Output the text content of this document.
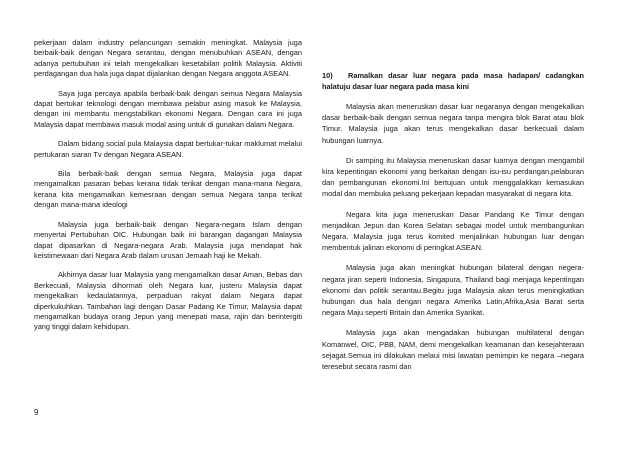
pekerjaan dalam industry pelancungan semakin meningkat. Malaysia juga berbaik-baik dengan Negara serantau, dengan menubuhkan ASEAN, dengan adanya pertubuhan ini telah mengekalkan kesetabilan politik Malaysia. Aktiviti perdagangan dua hala juga dapat dijalankan dengan Negara anggota ASEAN.

Saya juga percaya apabila berbaik-baik dengan semua Negara Malaysia dapat bertukar teknologi dengan membawa pelabur asing masuk ke Malaysia, dengan ini membantu mengstabilkan ekonomi Negara. Dengan cara ini juga Malaysia dapat membawa masuk modal asing untuk di gunakan dalam Negara.

Dalam bidang social pula Malaysia dapat bertukar-tukar maklumat melalui pertukaran siaran Tv dengan Negara ASEAN.

Bila berbaik-baik dengan semua Negara, Malaysia juga dapat mengamalkan pasaran bebas kerana tidak terikat dengan mana-mana Negara, kerana kita mengamalkan kemesraan dengan semua Negara tanpa terikat dengan mana-mana ideologi

Malaysia juga berbaik-baik dengan Negara-negara Islam dengan menyertai Pertubuhan OIC. Hubungan baik ini barangan dagangan Malaysia dapat dipasarkan di Negara-negara Arab. Malaysia juga mendapat hak keistimewaan dari Negara Arab dalam urusan Jemaah haji ke Mekah.

Akhirnya dasar luar Malaysia yang mengamalkan dasar Aman, Bebas dan Berkecuali, Malaysia dihormati oleh Negara luar, justeru Malaysia dapat mengekalkan kedaulatannya, perpaduan rakyat dalam Negara dapat diperkukuhkan. Tambahan lagi dengan Dasar Padang Ke Timur, Malaysia dapat mengamalkan budaya orang Jepun yang menepati masa, rajin dan berintergiti yang tinggi dalam kehidupan.

10) Ramalkan dasar luar negara pada masa hadapan/ cadangkan halatuju dasar luar negara pada masa kini

Malaysia akan meneruskan dasar luar negaranya dengan mengekalkan dasar berbaik-baik dengan semua negara tanpa mengira blok Barat atau blok Timur. Malaysia juga akan terus mengekalkan dasar berkecuali dalam hubungan luarnya.

Di samping itu Malaysia meneruskan dasar luarnya dengan mengambil kira kepentingan ekonomi yang berkaitan dengan isu-isu perdangan,pelaburan dan pembangunan ekonomi.Ini bertujuan untuk menggalakkan kemasukan modal dan membuka peluang pekerjaan kepadan masyarakat di negara kita.

Negara kita juga meneruskan Dasar Pandang Ke Timur dengan menjadikan Jepun dan Korea Selatan sebagai model untuk membangunkan Negara. Malaysia juga terus komited menjalinkan hubungan luar dengan membentuk jalinan ekonomi di peringkat ASEAN.

Malaysia juga akan meningkat hubungan bilateral dengan negera-negara jiran seperti Indonesia, Singapura, Thailand bagi menjaga kepentingan ekonomi dan politik serantau.Begitu juga Malaysia akan terus meningkatkan hubungan dua hala dengan negara Amerika Latin,Afrika,Asia Barat serta negara Maju seperti Britain dan Amerika Syarikat.

Malaysia juga akan mengadakan hubungan multilateral dengan Komanwel, OIC, PBB, NAM, demi mengekalkan keamanan dan kesejahteraan sejagat.Semua ini dilakukan melaui misi lawatan pemimpin ke negara –negara teresebut secara rasmi dan

9
